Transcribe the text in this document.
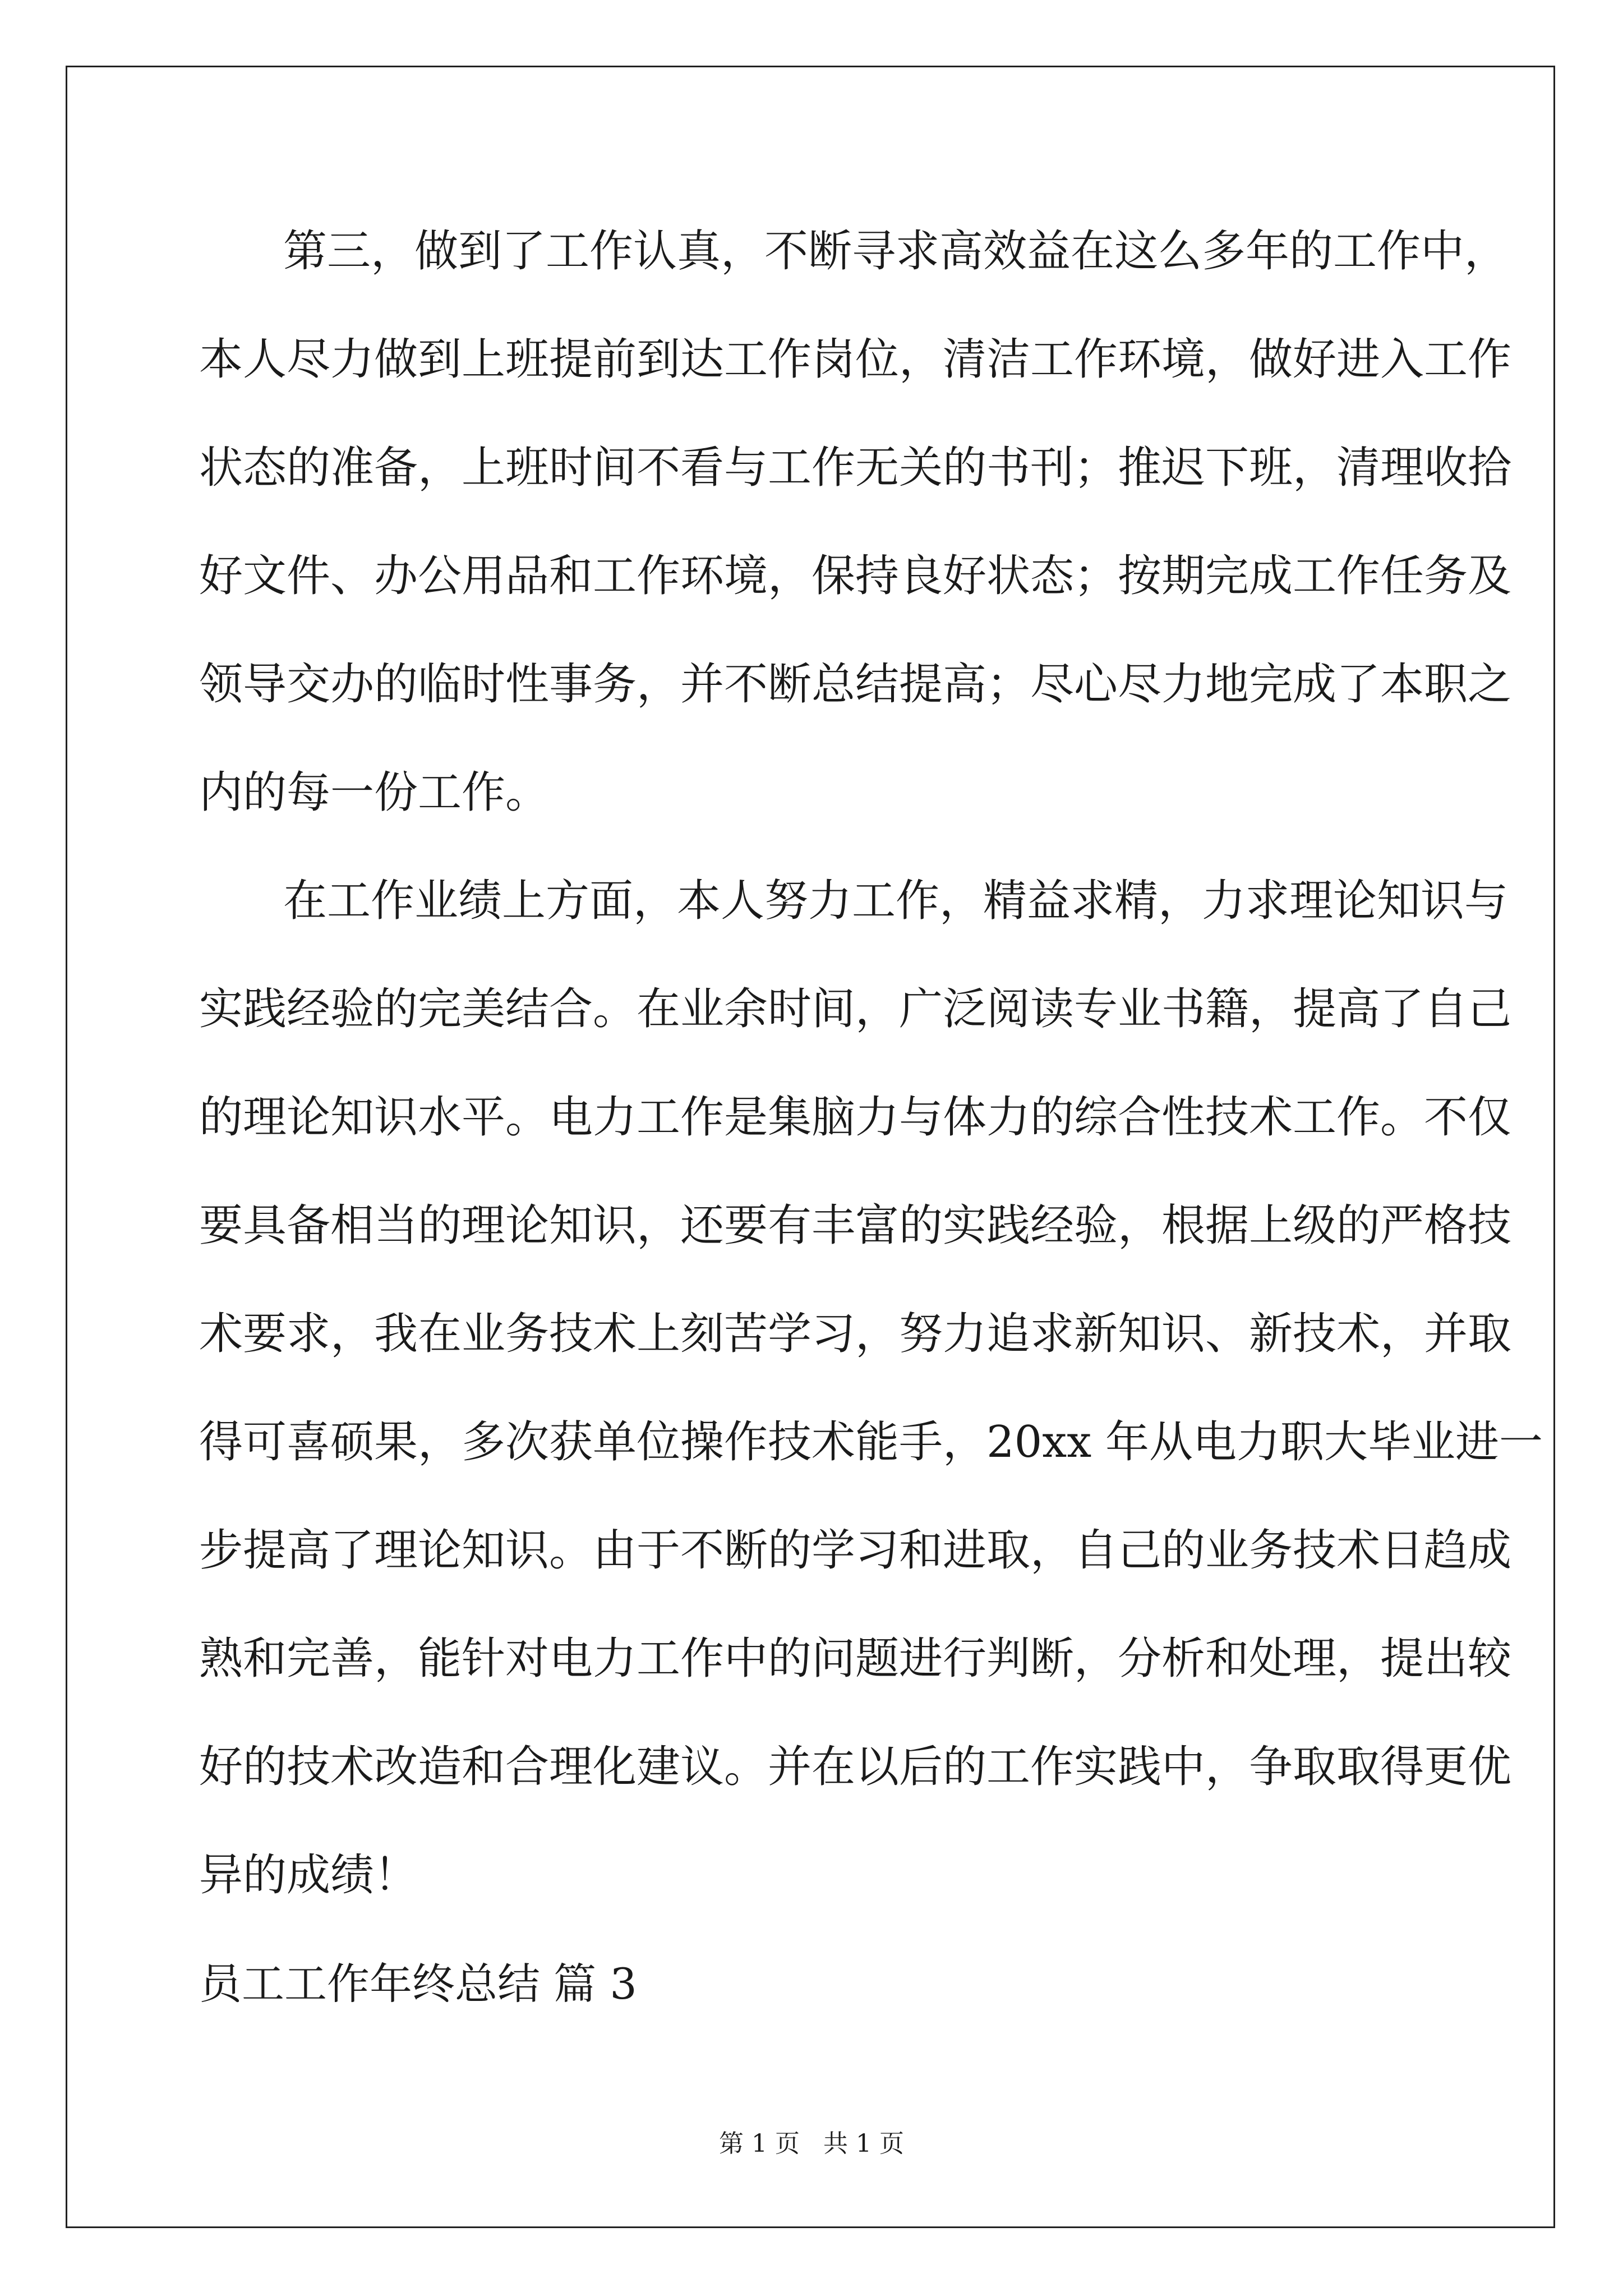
第三，做到了工作认真，不断寻求高效益在这么多年的工作中，
本人尽力做到上班提前到达工作岗位，清洁工作环境，做好进入工作
状态的准备，上班时间不看与工作无关的书刊；推迟下班，清理收拾
好文件、办公用品和工作环境，保持良好状态；按期完成工作任务及
领导交办的临时性事务，并不断总结提高；尽心尽力地完成了本职之
内的每一份工作。
在工作业绩上方面，本人努力工作，精益求精，力求理论知识与
实践经验的完美结合。在业余时间，广泛阅读专业书籍，提高了自己
的理论知识水平。电力工作是集脑力与体力的综合性技术工作。不仅
要具备相当的理论知识，还要有丰富的实践经验，根据上级的严格技
术要求，我在业务技术上刻苦学习，努力追求新知识、新技术，并取
得可喜硕果，多次获单位操作技术能手，20xx 年从电力职大毕业进一
步提高了理论知识。由于不断的学习和进取，自己的业务技术日趋成
熟和完善，能针对电力工作中的问题进行判断，分析和处理，提出较
好的技术改造和合理化建议。并在以后的工作实践中，争取取得更优
异的成绩！
员工工作年终总结 篇 3
第 1 页   共 1 页
